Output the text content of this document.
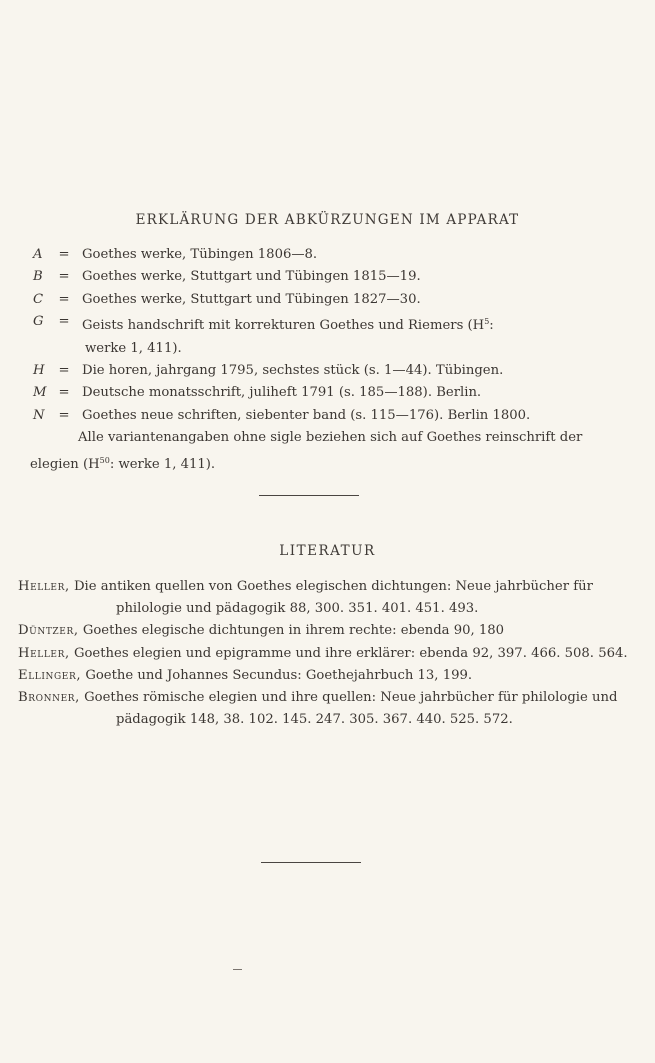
ERKLÄRUNG DER ABKÜRZUNGEN IM APPARAT
A	= Goethes werke, Tübingen 1806—8.
B	= Goethes werke, Stuttgart und Tübingen 1815—19.
C	= Goethes werke, Stuttgart und Tübingen 1827—30.
G	= Geists handschrift mit korrekturen Goethes und Riemers ($H^5$:
werke 1, 411).
H	= Die horen, jahrgang 1795, sechstes stück (s. 1—44). Tübingen.
M = Deutsche monatsschrift, juliheft 1791 (s. 185—188). Berlin.
N	= Goethes neue schriften, siebenter band (s. 115—176). Berlin 1800.
Alle variantenangaben ohne sigle beziehen sich auf Goethes reinschrift der elegien ($H^{50}$: werke 1, 411).
LITERATUR
Heller, Die antiken quellen von Goethes elegischen dichtungen: Neue jahrbücher für philologie und pädagogik 88, 300. 351. 401. 451. 493.
Düntzer, Goethes elegische dichtungen in ihrem rechte: ebenda 90, 180
Heller, Goethes elegien und epigramme und ihre erklärer: ebenda 92, 397. 466. 508. 564.
Ellinger, Goethe und Johannes Secundus: Goethejahrbuch 13, 199.
Bronner, Goethes römische elegien und ihre quellen: Neue jahrbücher für philologie und pädagogik 148, 38. 102. 145. 247. 305. 367. 440. 525. 572.
